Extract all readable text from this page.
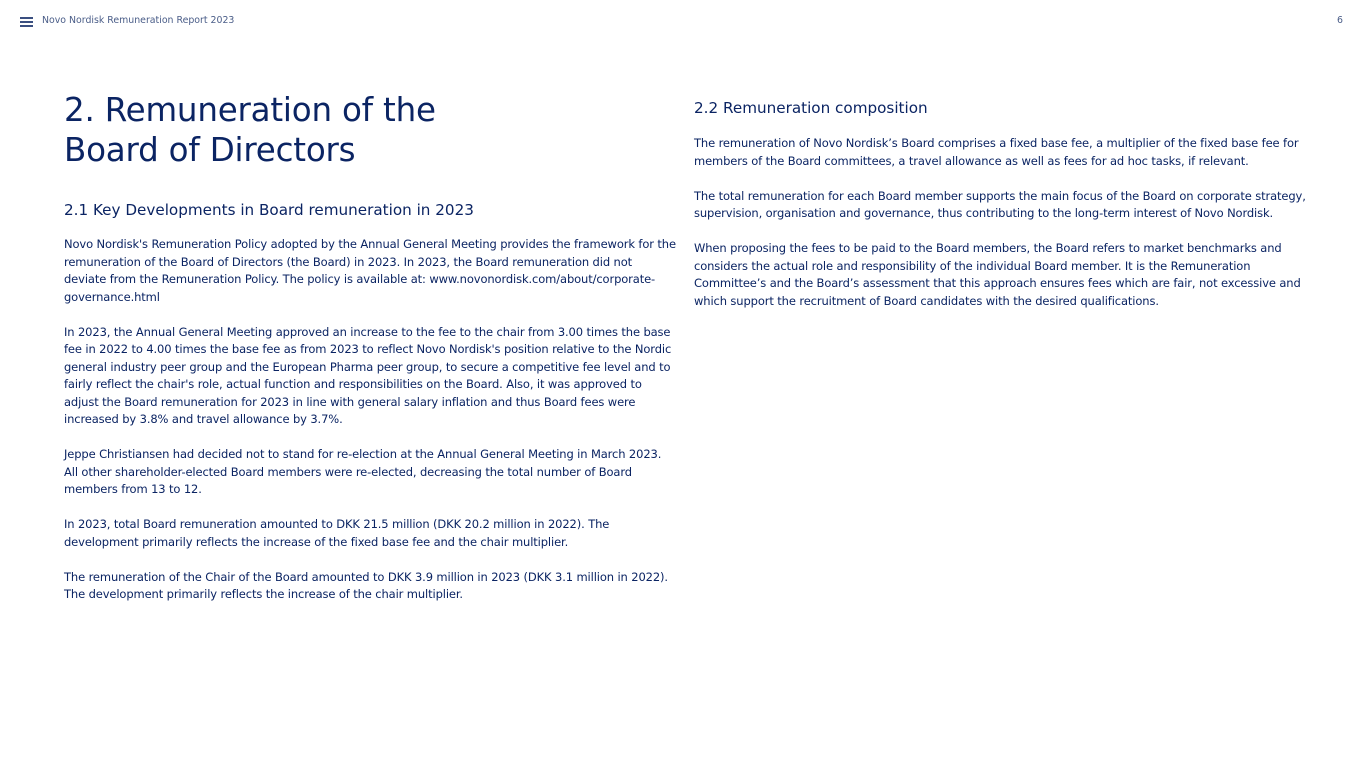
Novo Nordisk Remuneration Report 2023	6
2. Remuneration of the
Board of Directors
2.1 Key Developments in Board remuneration in 2023

Novo Nordisk's Remuneration Policy adopted by the Annual General Meeting provides the framework for the remuneration of the Board of Directors (the Board) in 2023. In 2023, the Board remuneration did not deviate from the Remuneration Policy. The policy is available at: www.novonordisk.com/about/corporate-governance.html

In 2023, the Annual General Meeting approved an increase to the fee to the chair from 3.00 times the base fee in 2022 to 4.00 times the base fee as from 2023 to reflect Novo Nordisk's position relative to the Nordic general industry peer group and the European Pharma peer group, to secure a competitive fee level and to fairly reflect the chair's role, actual function and responsibilities on the Board. Also, it was approved to adjust the Board remuneration for 2023 in line with general salary inflation and thus Board fees were increased by 3.8% and travel allowance by 3.7%.

Jeppe Christiansen had decided not to stand for re-election at the Annual General Meeting in March 2023. All other shareholder-elected Board members were re-elected, decreasing the total number of Board members from 13 to 12.

In 2023, total Board remuneration amounted to DKK 21.5 million (DKK 20.2 million in 2022). The development primarily reflects the increase of the fixed base fee and the chair multiplier.

The remuneration of the Chair of the Board amounted to DKK 3.9 million in 2023 (DKK 3.1 million in 2022). The development primarily reflects the increase of the chair multiplier.

2.2 Remuneration composition

The remuneration of Novo Nordisk’s Board comprises a fixed base fee, a multiplier of the fixed base fee for members of the Board committees, a travel allowance as well as fees for ad hoc tasks, if relevant.

The total remuneration for each Board member supports the main focus of the Board on corporate strategy, supervision, organisation and governance, thus contributing to the long-term interest of Novo Nordisk.

When proposing the fees to be paid to the Board members, the Board refers to market benchmarks and considers the actual role and responsibility of the individual Board member. It is the Remuneration Committee’s and the Board’s assessment that this approach ensures fees which are fair, not excessive and which support the recruitment of Board candidates with the desired qualifications.
